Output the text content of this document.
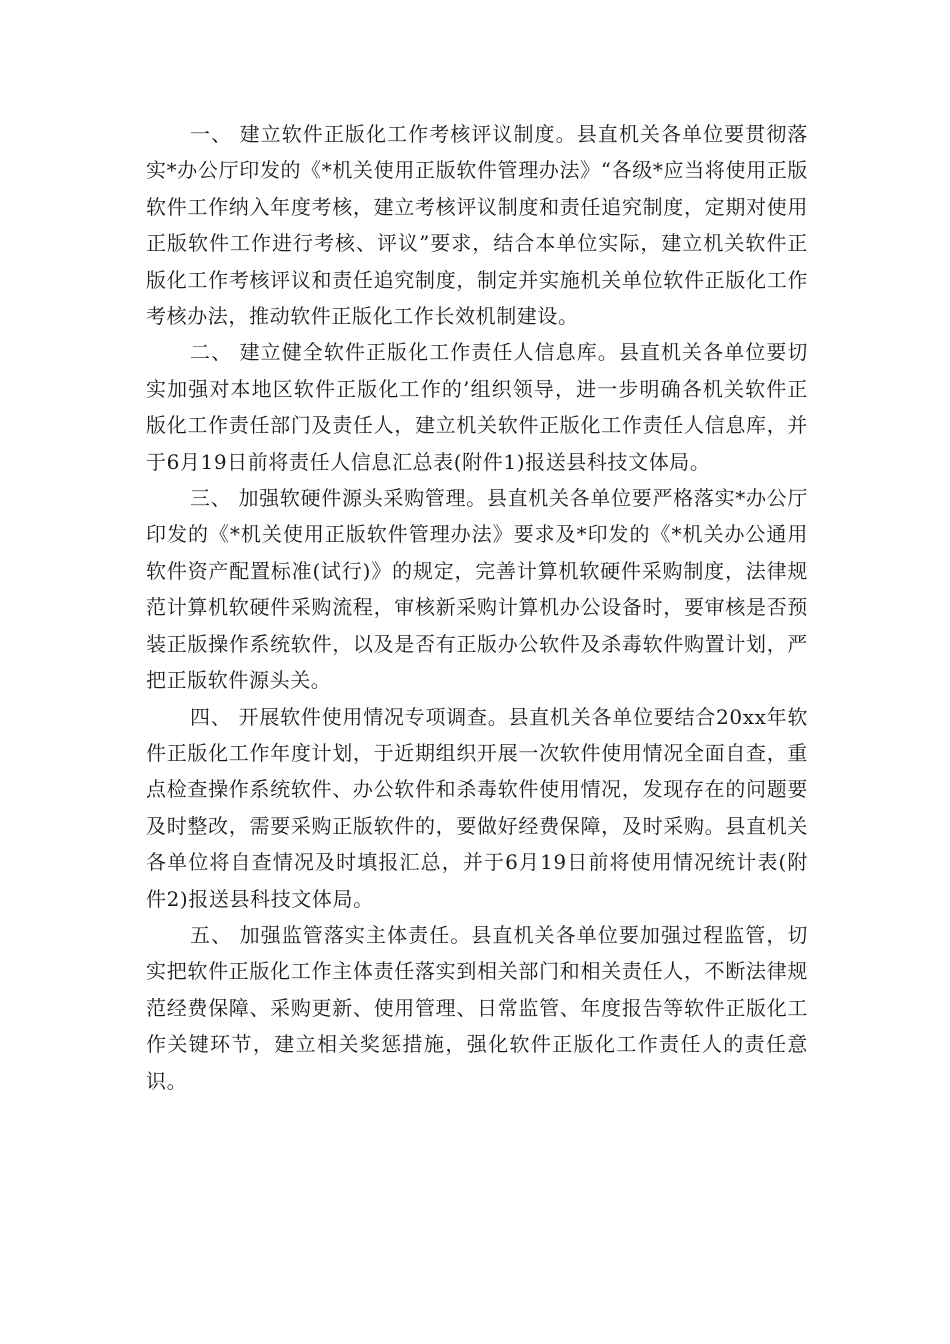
一、 建立软件正版化工作考核评议制度。县直机关各单位要贯彻落实*办公厅印发的《*机关使用正版软件管理办法》“各级*应当将使用正版软件工作纳入年度考核，建立考核评议制度和责任追究制度，定期对使用正版软件工作进行考核、评议”要求，结合本单位实际，建立机关软件正版化工作考核评议和责任追究制度，制定并实施机关单位软件正版化工作考核办法，推动软件正版化工作长效机制建设。

二、 建立健全软件正版化工作责任人信息库。县直机关各单位要切实加强对本地区软件正版化工作的’组织领导，进一步明确各机关软件正版化工作责任部门及责任人，建立机关软件正版化工作责任人信息库，并于6月19日前将责任人信息汇总表(附件1)报送县科技文体局。

三、 加强软硬件源头采购管理。县直机关各单位要严格落实*办公厅印发的《*机关使用正版软件管理办法》要求及*印发的《*机关办公通用软件资产配置标准(试行)》的规定，完善计算机软硬件采购制度，法律规范计算机软硬件采购流程，审核新采购计算机办公设备时，要审核是否预装正版操作系统软件，以及是否有正版办公软件及杀毒软件购置计划，严把正版软件源头关。

四、 开展软件使用情况专项调查。县直机关各单位要结合20xx年软件正版化工作年度计划，于近期组织开展一次软件使用情况全面自查，重点检查操作系统软件、办公软件和杀毒软件使用情况，发现存在的问题要及时整改，需要采购正版软件的，要做好经费保障，及时采购。县直机关各单位将自查情况及时填报汇总，并于6月19日前将使用情况统计表(附件2)报送县科技文体局。

五、 加强监管落实主体责任。县直机关各单位要加强过程监管，切实把软件正版化工作主体责任落实到相关部门和相关责任人，不断法律规范经费保障、采购更新、使用管理、日常监管、年度报告等软件正版化工作关键环节，建立相关奖惩措施，强化软件正版化工作责任人的责任意识。
